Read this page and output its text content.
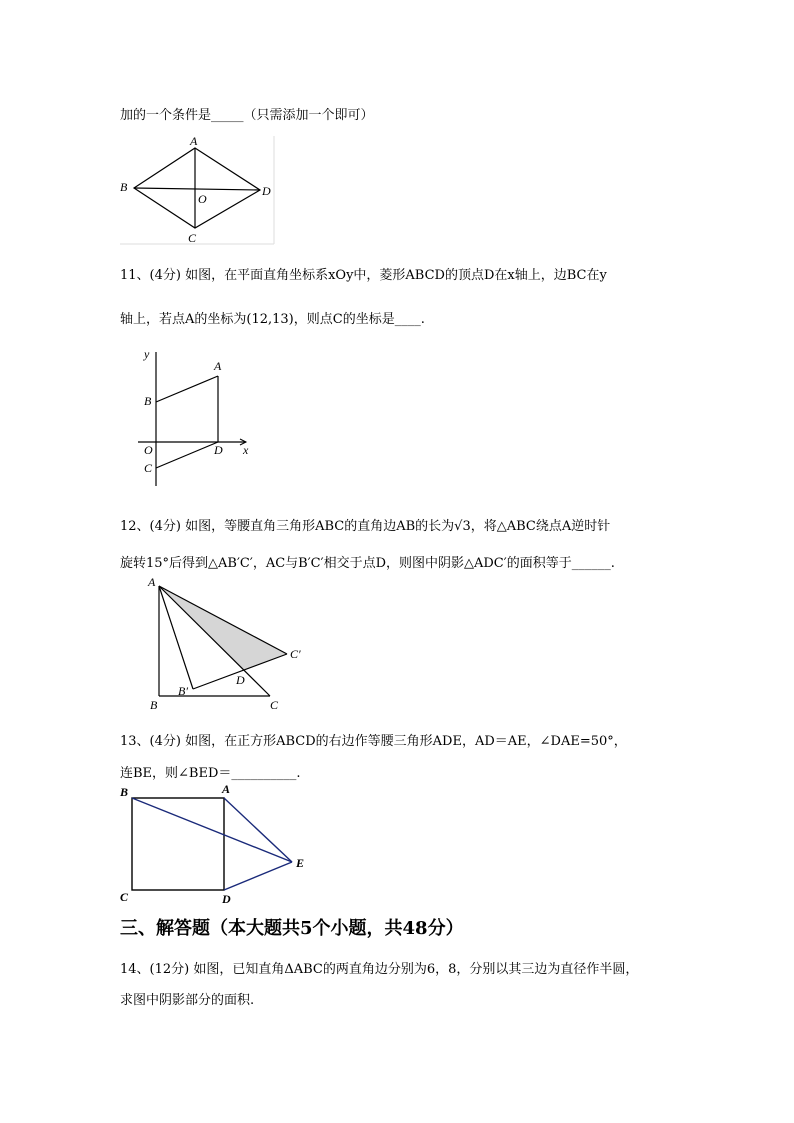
加的一个条件是_____（只需添加一个即可）
A
B	D
O
C
11、(4分) 如图，在平面直角坐标系xOy中，菱形ABCD的顶点D在x轴上，边BC在y
轴上，若点A的坐标为(12,13)，则点C的坐标是____.
y
x
A
B
O	D
C
12、(4分) 如图，等腰直角三角形ABC的直角边AB的长为√3，将△ABC绕点A逆时针
旋转15°后得到△AB′C′，AC与B′C′相交于点D，则图中阴影△ADC′的面积等于______.
A
C′
D
B′
B	C
13、(4分) 如图，在正方形ABCD的右边作等腰三角形ADE，AD＝AE，∠DAE=50°，
连BE，则∠BED＝__________.
B	A
E
C	D
三、解答题（本大题共5个小题，共48分）
14、(12分) 如图，已知直角ΔABC的两直角边分别为6，8，分别以其三边为直径作半圆，
求图中阴影部分的面积.
